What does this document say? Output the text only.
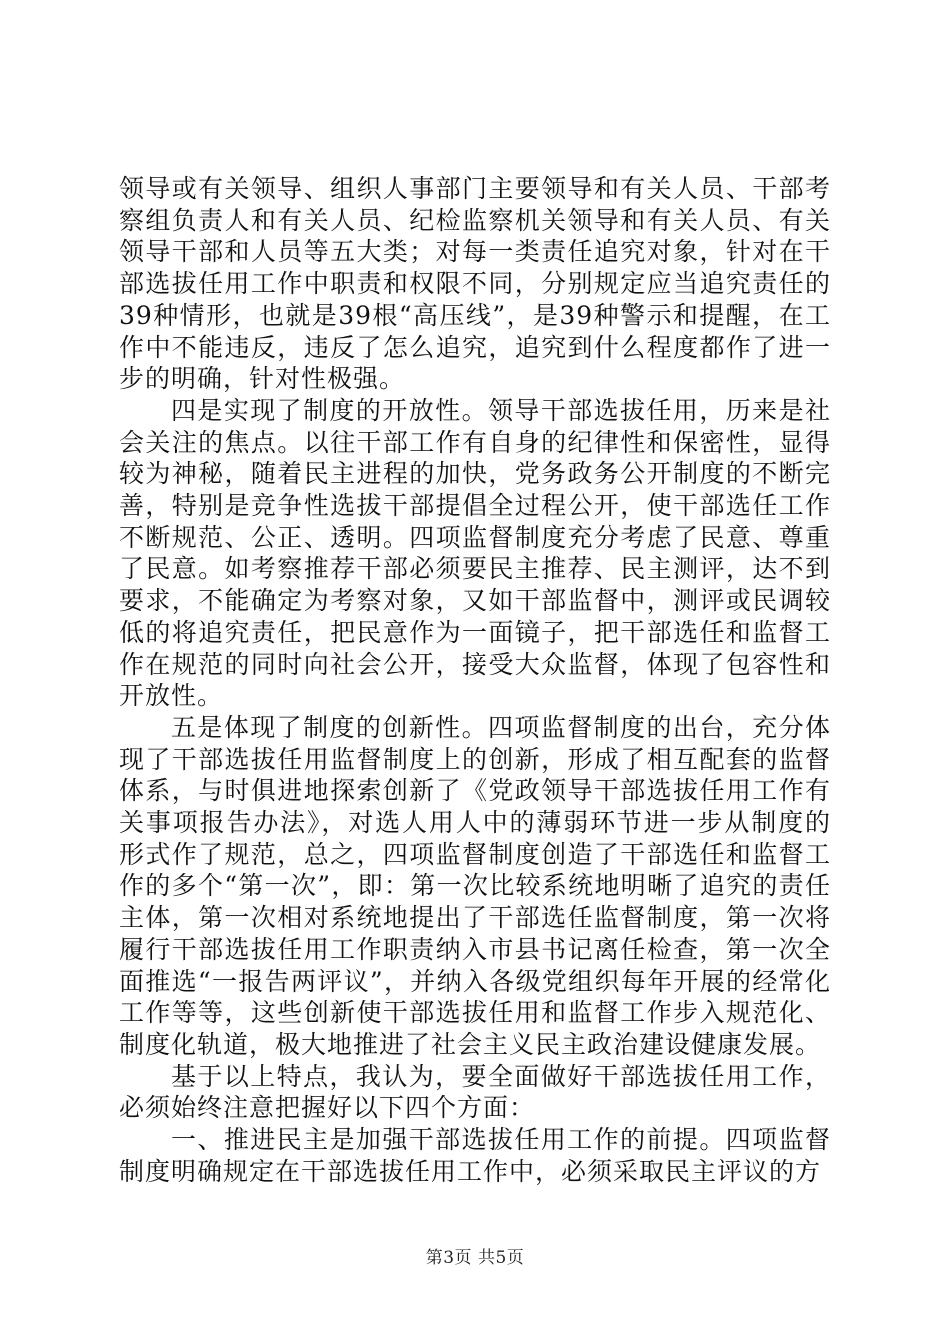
领导或有关领导、组织人事部门主要领导和有关人员、干部考察组负责人和有关人员、纪检监察机关领导和有关人员、有关领导干部和人员等五大类；对每一类责任追究对象，针对在干部选拔任用工作中职责和权限不同，分别规定应当追究责任的39种情形，也就是39根“高压线”，是39种警示和提醒，在工作中不能违反，违反了怎么追究，追究到什么程度都作了进一步的明确，针对性极强。

四是实现了制度的开放性。领导干部选拔任用，历来是社会关注的焦点。以往干部工作有自身的纪律性和保密性，显得较为神秘，随着民主进程的加快，党务政务公开制度的不断完善，特别是竞争性选拔干部提倡全过程公开，使干部选任工作不断规范、公正、透明。四项监督制度充分考虑了民意、尊重了民意。如考察推荐干部必须要民主推荐、民主测评，达不到要求，不能确定为考察对象，又如干部监督中，测评或民调较低的将追究责任，把民意作为一面镜子，把干部选任和监督工作在规范的同时向社会公开，接受大众监督，体现了包容性和开放性。

五是体现了制度的创新性。四项监督制度的出台，充分体现了干部选拔任用监督制度上的创新，形成了相互配套的监督体系，与时俱进地探索创新了《党政领导干部选拔任用工作有关事项报告办法》，对选人用人中的薄弱环节进一步从制度的形式作了规范，总之，四项监督制度创造了干部选任和监督工作的多个“第一次”，即：第一次比较系统地明晰了追究的责任主体，第一次相对系统地提出了干部选任监督制度，第一次将履行干部选拔任用工作职责纳入市县书记离任检查，第一次全面推选“一报告两评议”，并纳入各级党组织每年开展的经常化工作等等，这些创新使干部选拔任用和监督工作步入规范化、制度化轨道，极大地推进了社会主义民主政治建设健康发展。

基于以上特点，我认为，要全面做好干部选拔任用工作，必须始终注意把握好以下四个方面：

一、推进民主是加强干部选拔任用工作的前提。四项监督制度明确规定在干部选拔任用工作中，必须采取民主评议的方

第3页 共5页
